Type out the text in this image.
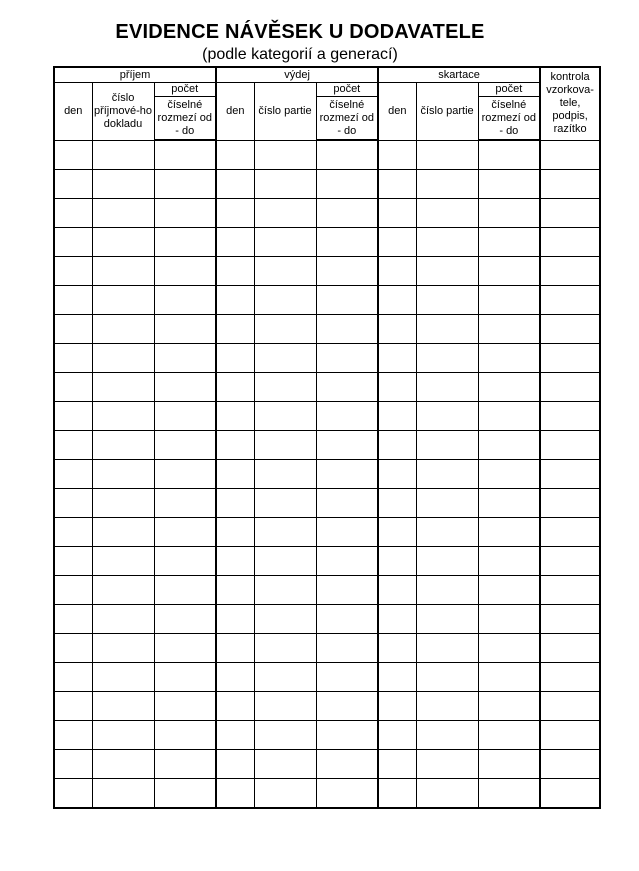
EVIDENCE NÁVĚSEK U DODAVATELE

(podle kategorií a generací)

příjem			výdej			skartace			kontrola vzorkova-tele, podpis, razítko
den	číslo příjmové-ho dokladu	počet	den	číslo partie	počet	den	číslo partie	počet	
		číselné rozmezí od - do			číselné rozmezí od - do			číselné rozmezí od - do	
